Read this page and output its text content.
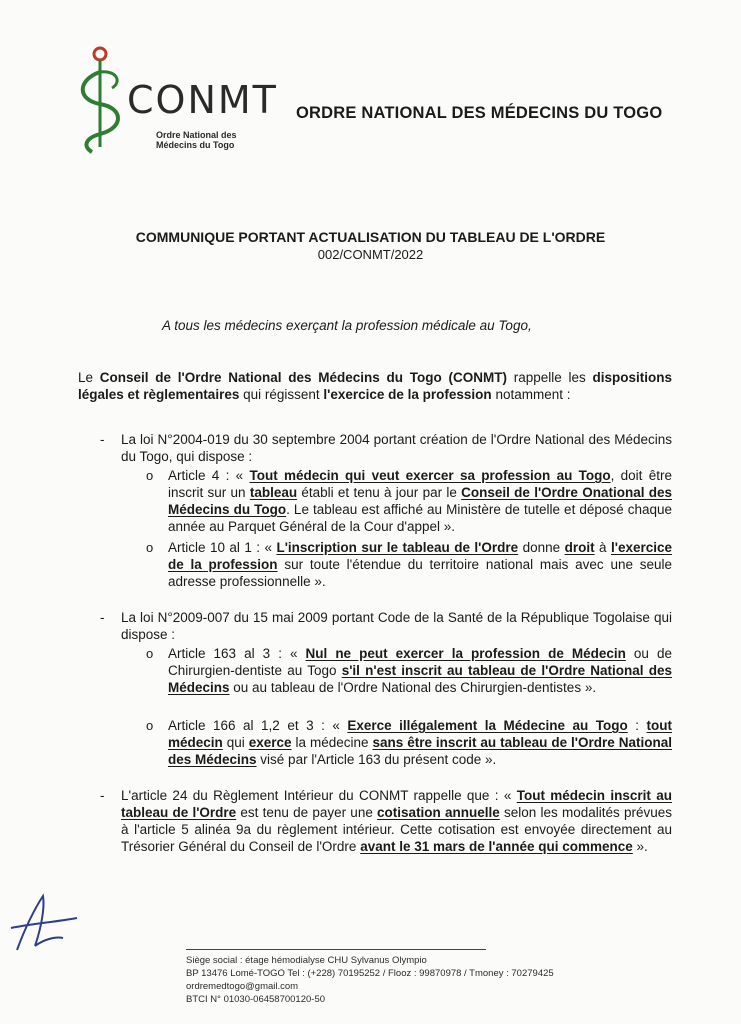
CONMT
Ordre National des
Médecins du Togo
ORDRE NATIONAL DES MÉDECINS DU TOGO
COMMUNIQUE PORTANT ACTUALISATION DU TABLEAU DE L'ORDRE
002/CONMT/2022
A tous les médecins exerçant la profession médicale au Togo,
Le Conseil de l'Ordre National des Médecins du Togo (CONMT) rappelle les dispositions légales et règlementaires qui régissent l'exercice de la profession notamment :
- La loi N°2004-019 du 30 septembre 2004 portant création de l'Ordre National des Médecins du Togo, qui dispose :
o Article 4 : « Tout médecin qui veut exercer sa profession au Togo, doit être inscrit sur un tableau établi et tenu à jour par le Conseil de l'Ordre Onational des Médecins du Togo. Le tableau est affiché au Ministère de tutelle et déposé chaque année au Parquet Général de la Cour d'appel ».
o Article 10 al 1 : « L'inscription sur le tableau de l'Ordre donne droit à l'exercice de la profession sur toute l'étendue du territoire national mais avec une seule adresse professionnelle ».
- La loi N°2009-007 du 15 mai 2009 portant Code de la Santé de la République Togolaise qui dispose :
o Article 163 al 3 : « Nul ne peut exercer la profession de Médecin ou de Chirurgien-dentiste au Togo s'il n'est inscrit au tableau de l'Ordre National des Médecins ou au tableau de l'Ordre National des Chirurgien-dentistes ».
o Article 166 al 1,2 et 3 : « Exerce illégalement la Médecine au Togo : tout médecin qui exerce la médecine sans être inscrit au tableau de l'Ordre National des Médecins visé par l'Article 163 du présent code ».
- L'article 24 du Règlement Intérieur du CONMT rappelle que : « Tout médecin inscrit au tableau de l'Ordre est tenu de payer une cotisation annuelle selon les modalités prévues à l'article 5 alinéa 9a du règlement intérieur. Cette cotisation est envoyée directement au Trésorier Général du Conseil de l'Ordre avant le 31 mars de l'année qui commence ».
Siège social : étage hémodialyse CHU Sylvanus Olympio
BP 13476 Lomé-TOGO Tel : (+228) 70195252 / Flooz : 99870978 / Tmoney : 70279425
ordremedtogo@gmail.com
BTCI N° 01030-06458700120-50
